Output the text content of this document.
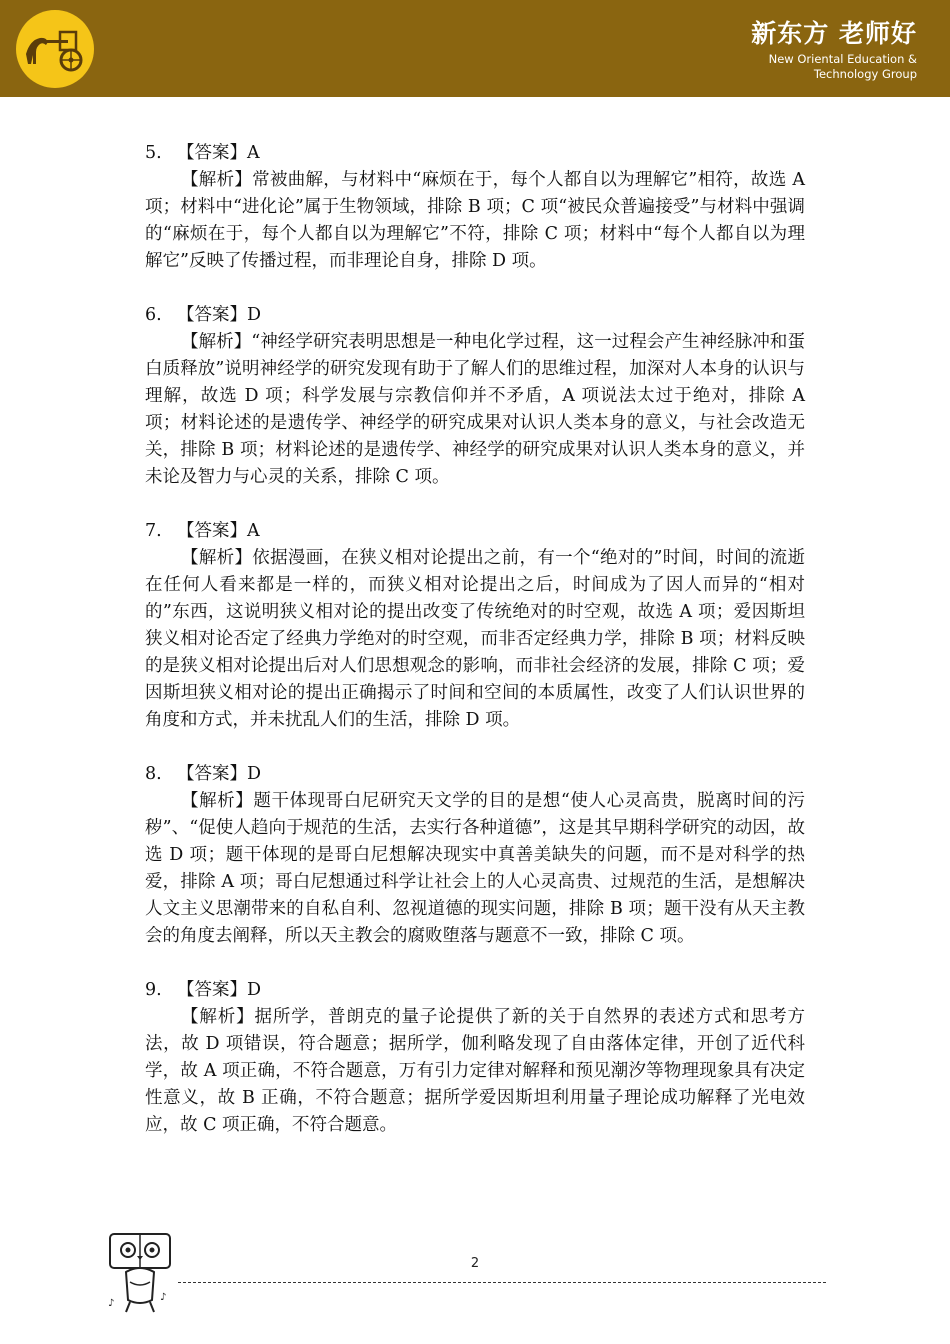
新东方 老师好
New Oriental Education &
Technology Group
5. 【答案】A
【解析】常被曲解，与材料中“麻烦在于，每个人都自以为理解它”相符，故选 A 项；材料中“进化论”属于生物领域，排除 B 项；C 项“被民众普遍接受”与材料中强调的“麻烦在于，每个人都自以为理解它”不符，排除 C 项；材料中“每个人都自以为理解它”反映了传播过程，而非理论自身，排除 D 项。
6. 【答案】D
【解析】“神经学研究表明思想是一种电化学过程，这一过程会产生神经脉冲和蛋白质释放”说明神经学的研究发现有助于了解人们的思维过程，加深对人本身的认识与理解，故选 D 项；科学发展与宗教信仰并不矛盾，A 项说法太过于绝对，排除 A 项；材料论述的是遗传学、神经学的研究成果对认识人类本身的意义，与社会改造无关，排除 B 项；材料论述的是遗传学、神经学的研究成果对认识人类本身的意义，并未论及智力与心灵的关系，排除 C 项。
7. 【答案】A
【解析】依据漫画，在狭义相对论提出之前，有一个“绝对的”时间，时间的流逝在任何人看来都是一样的，而狭义相对论提出之后，时间成为了因人而异的“相对的”东西，这说明狭义相对论的提出改变了传统绝对的时空观，故选 A 项；爱因斯坦狭义相对论否定了经典力学绝对的时空观，而非否定经典力学，排除 B 项；材料反映的是狭义相对论提出后对人们思想观念的影响，而非社会经济的发展，排除 C 项；爱因斯坦狭义相对论的提出正确揭示了时间和空间的本质属性，改变了人们认识世界的角度和方式，并未扰乱人们的生活，排除 D 项。
8. 【答案】D
【解析】题干体现哥白尼研究天文学的目的是想“使人心灵高贵，脱离时间的污秽”、“促使人趋向于规范的生活，去实行各种道德”，这是其早期科学研究的动因，故选 D 项；题干体现的是哥白尼想解决现实中真善美缺失的问题，而不是对科学的热爱，排除 A 项；哥白尼想通过科学让社会上的人心灵高贵、过规范的生活，是想解决人文主义思潮带来的自私自利、忽视道德的现实问题，排除 B 项；题干没有从天主教会的角度去阐释，所以天主教会的腐败堕落与题意不一致，排除 C 项。
9. 【答案】D
【解析】据所学，普朗克的量子论提供了新的关于自然界的表述方式和思考方法，故 D 项错误，符合题意；据所学，伽利略发现了自由落体定律，开创了近代科学，故 A 项正确，不符合题意，万有引力定律对解释和预见潮汐等物理现象具有决定性意义，故 B 正确，不符合题意；据所学爱因斯坦利用量子理论成功解释了光电效应，故 C 项正确，不符合题意。
♪
♪
2
